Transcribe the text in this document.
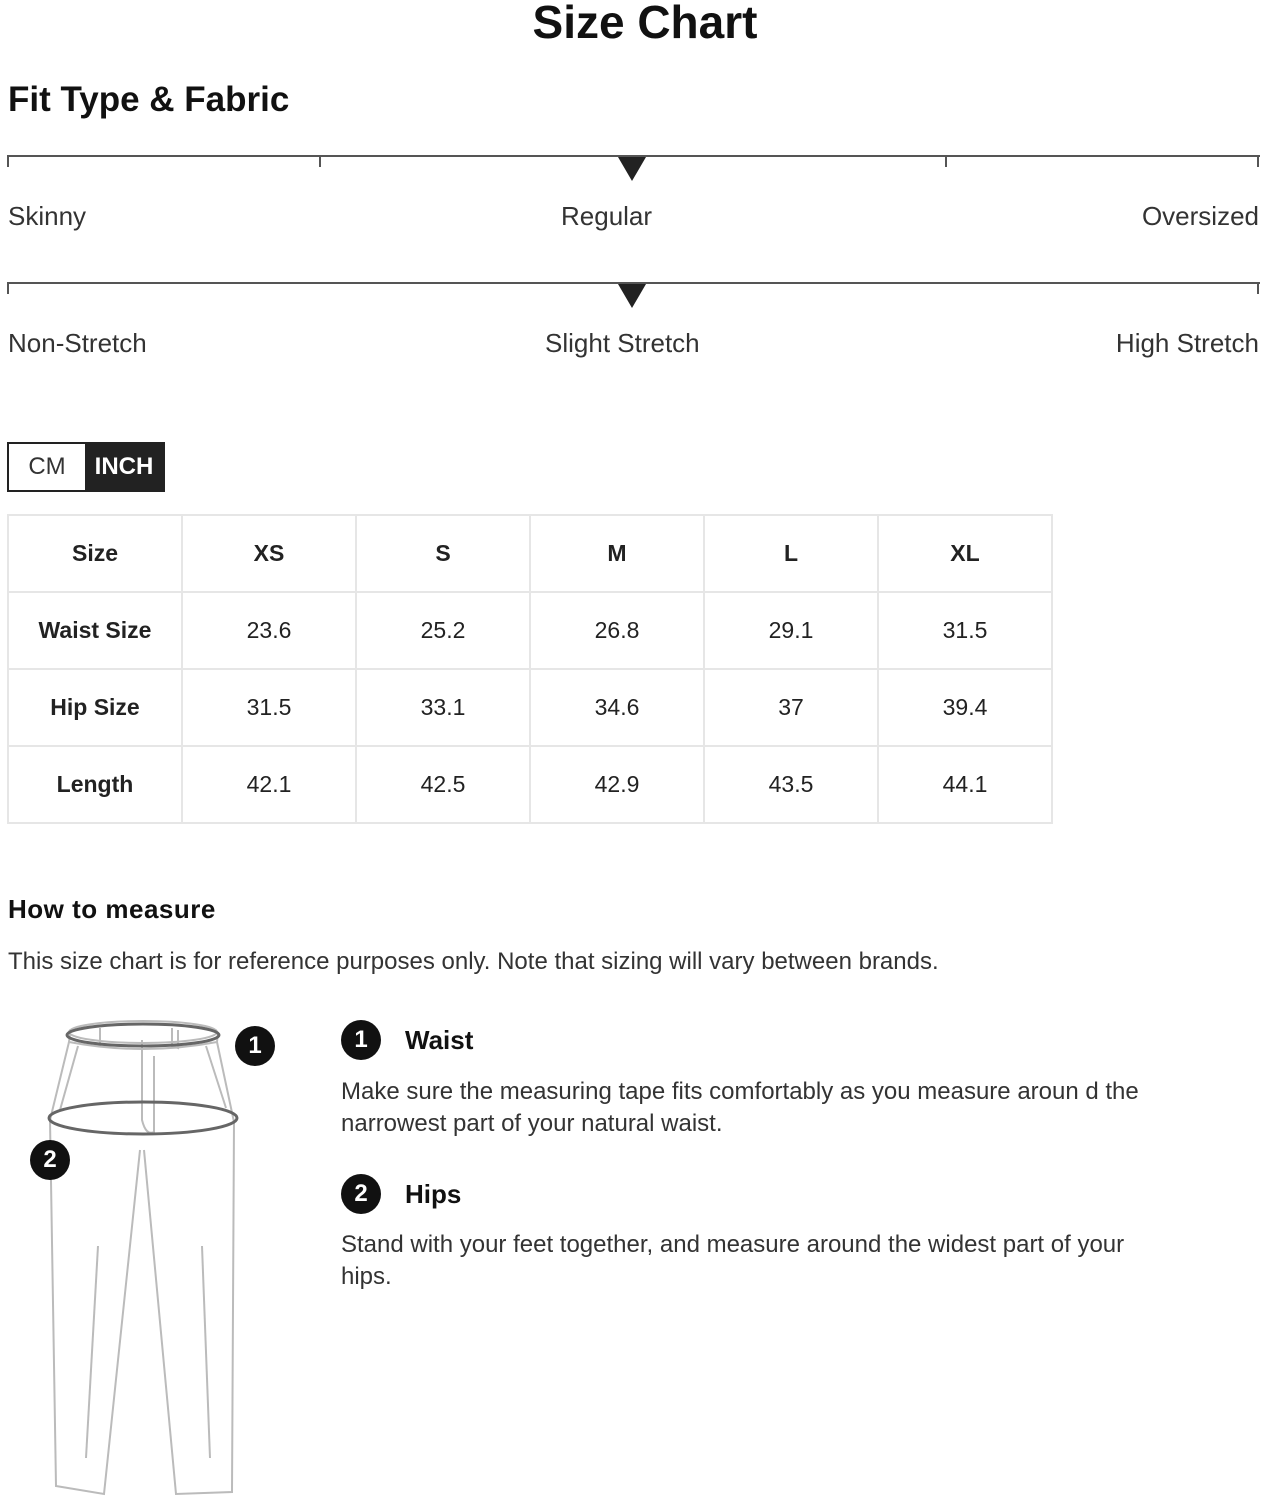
Size Chart
Fit Type & Fabric
Skinny	Regular	Oversized
Non-Stretch	Slight Stretch	High Stretch
CM	INCH
Size	XS	S	M	L	XL
Waist Size	23.6	25.2	26.8	29.1	31.5
Hip Size	31.5	33.1	34.6	37	39.4
Length	42.1	42.5	42.9	43.5	44.1
How to measure
This size chart is for reference purposes only. Note that sizing will vary between brands.
1
2
1	Waist
Make sure the measuring tape fits comfortably as you measure aroun d the narrowest part of your natural waist.
2	Hips
Stand with your feet together, and measure around the widest part of your hips.
